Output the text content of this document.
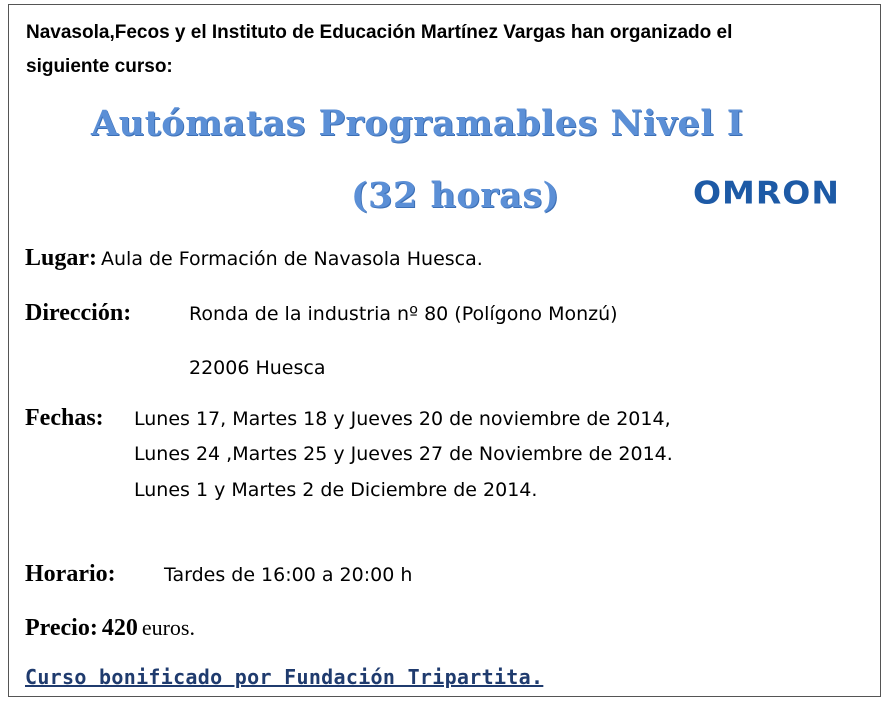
Navasola,Fecos y el Instituto de Educación Martínez Vargas han organizado el
siguiente curso:
Autómatas Programables Nivel I
(32 horas)	OMRON
Lugar: Aula de Formación de Navasola Huesca.
Dirección:	Ronda de la industria nº 80 (Polígono Monzú)
22006 Huesca
Fechas: Lunes 17, Martes 18 y Jueves 20 de noviembre de 2014,
Lunes 24 ,Martes 25 y Jueves 27 de Noviembre de 2014.
Lunes 1 y Martes 2 de Diciembre de 2014.
Horario:	Tardes de 16:00 a 20:00 h
Precio: 420 euros.
Curso bonificado por Fundación Tripartita.
